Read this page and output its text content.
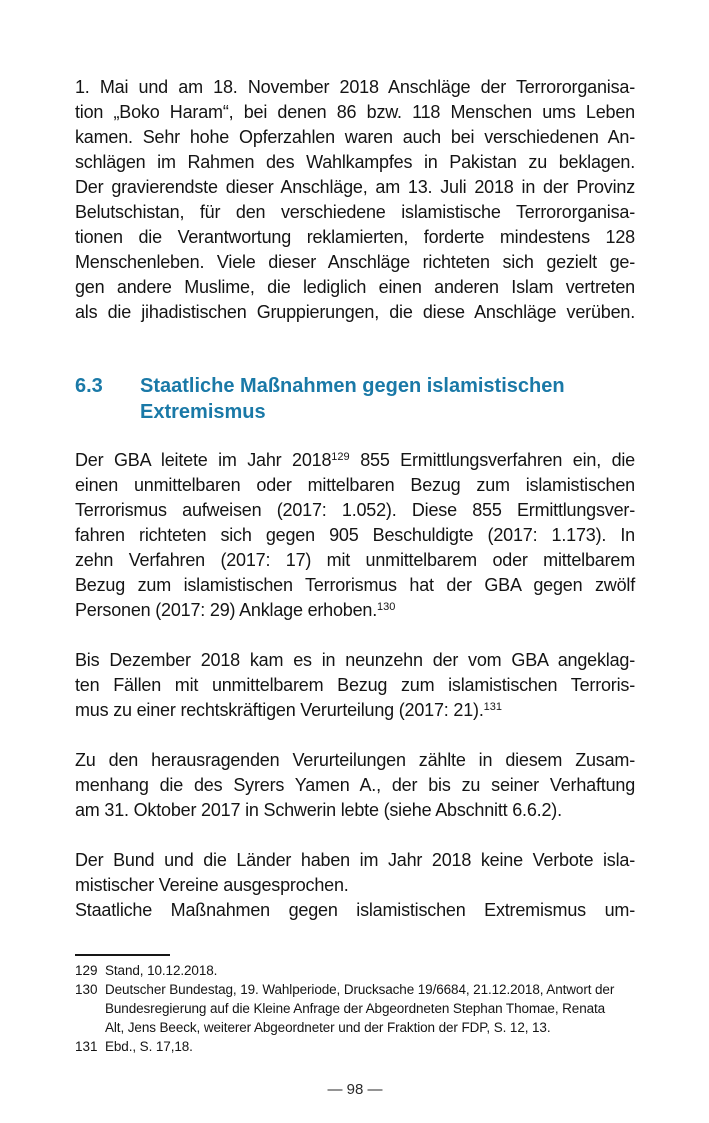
1. Mai und am 18. November 2018 Anschläge der Terrororganisa-
tion „Boko Haram“, bei denen 86 bzw. 118 Menschen ums Leben
kamen. Sehr hohe Opferzahlen waren auch bei verschiedenen An-
schlägen im Rahmen des Wahlkampfes in Pakistan zu beklagen.
Der gravierendste dieser Anschläge, am 13. Juli 2018 in der Provinz
Belutschistan, für den verschiedene islamistische Terrororganisa-
tionen die Verantwortung reklamierten, forderte mindestens 128
Menschenleben. Viele dieser Anschläge richteten sich gezielt ge-
gen andere Muslime, die lediglich einen anderen Islam vertreten
als die jihadistischen Gruppierungen, die diese Anschläge verüben.
6.3	Staatliche Maßnahmen gegen islamistischen
Extremismus
Der GBA leitete im Jahr 2018$^{129}$ 855 Ermittlungsverfahren ein, die
einen unmittelbaren oder mittelbaren Bezug zum islamistischen
Terrorismus aufweisen (2017: 1.052). Diese 855 Ermittlungsver-
fahren richteten sich gegen 905 Beschuldigte (2017: 1.173). In
zehn Verfahren (2017: 17) mit unmittelbarem oder mittelbarem
Bezug zum islamistischen Terrorismus hat der GBA gegen zwölf
Personen (2017: 29) Anklage erhoben.$^{130}$
Bis Dezember 2018 kam es in neunzehn der vom GBA angeklag-
ten Fällen mit unmittelbarem Bezug zum islamistischen Terroris-
mus zu einer rechtskräftigen Verurteilung (2017: 21).$^{131}$
Zu den herausragenden Verurteilungen zählte in diesem Zusam-
menhang die des Syrers Yamen A., der bis zu seiner Verhaftung
am 31. Oktober 2017 in Schwerin lebte (siehe Abschnitt 6.6.2).
Der Bund und die Länder haben im Jahr 2018 keine Verbote isla-
mistischer Vereine ausgesprochen.
Staatliche Maßnahmen gegen islamistischen Extremismus um-
129 Stand, 10.12.2018.
130 Deutscher Bundestag, 19. Wahlperiode, Drucksache 19/6684, 21.12.2018, Antwort der
Bundesregierung auf die Kleine Anfrage der Abgeordneten Stephan Thomae, Renata
Alt, Jens Beeck, weiterer Abgeordneter und der Fraktion der FDP, S. 12, 13.
131 Ebd., S. 17,18.
— 98 —
